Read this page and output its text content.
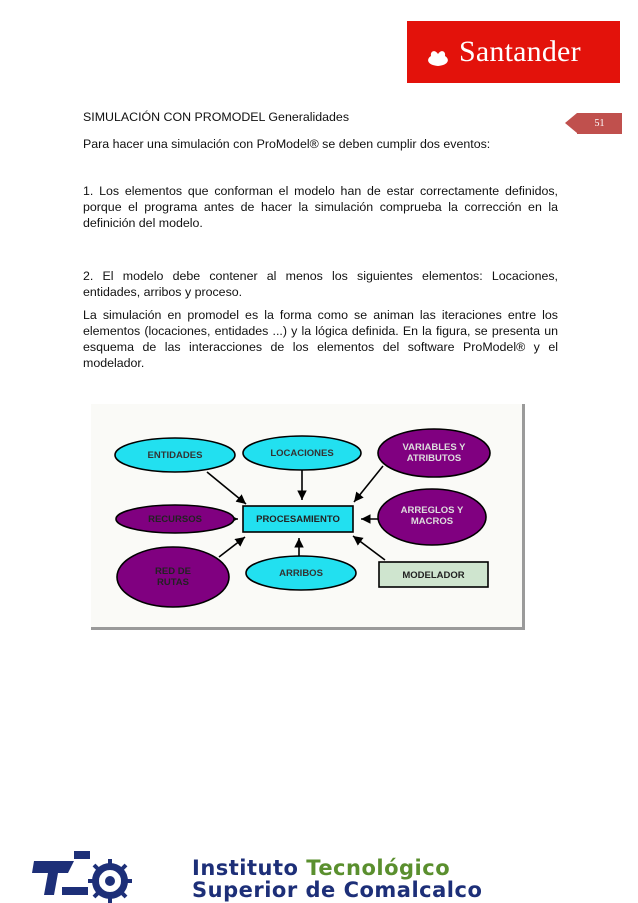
Santander
51

SIMULACIÓN CON PROMODEL Generalidades

Para hacer una simulación con ProModel® se deben cumplir dos eventos:

1. Los elementos que conforman el modelo han de estar correctamente definidos, porque el programa antes de hacer la simulación comprueba la corrección en la definición del modelo.

2. El modelo debe contener al menos los siguientes elementos: Locaciones, entidades, arribos y proceso.

La simulación en promodel es la forma como se animan las iteraciones entre los elementos (locaciones, entidades ...) y la lógica definida. En la figura, se presenta un esquema de las interacciones de los elementos del software ProModel® y el modelador.

ENTIDADES	LOCACIONES	VARIABLES Y ATRIBUTOS
RECURSOS	PROCESAMIENTO
ARREGLOS Y MACROS
RED DE RUTAS
ARRIBOS	MODELADOR
Instituto Tecnológico
Superior de Comalcalco
